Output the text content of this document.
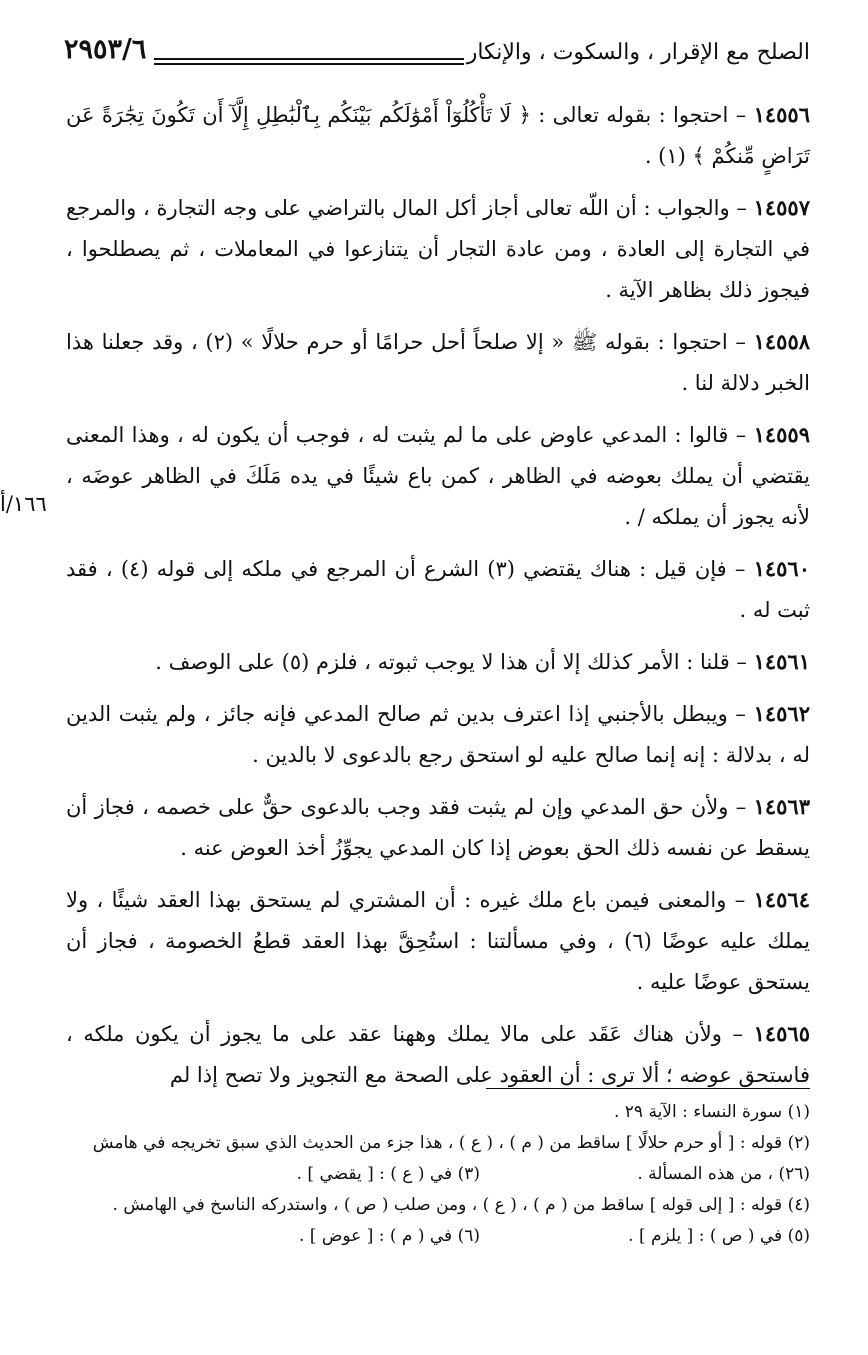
الصلح مع الإقرار ، والسكوت ، والإنكار
٢٩٥٣/٦
١٦٦/أ

١٤٥٥٦ – احتجوا : بقوله تعالى : ﴿ لَا تَأْكُلُوٓاْ أَمْوَٰلَكُم بَيْنَكُم بِٱلْبَٰطِلِ إِلَّآ أَن تَكُونَ تِجَٰرَةً عَن تَرَاضٍ مِّنكُمْ ﴾ (١) .

١٤٥٥٧ – والجواب : أن اللّه تعالى أجاز أكل المال بالتراضي على وجه التجارة ، والمرجع في التجارة إلى العادة ، ومن عادة التجار أن يتنازعوا في المعاملات ، ثم يصطلحوا ، فيجوز ذلك بظاهر الآية .

١٤٥٥٨ – احتجوا : بقوله ﷺ « إلا صلحاً أحل حرامًا أو حرم حلالًا » (٢) ، وقد جعلنا هذا الخبر دلالة لنا .

١٤٥٥٩ – قالوا : المدعي عاوض على ما لم يثبت له ، فوجب أن يكون له ، وهذا المعنى يقتضي أن يملك بعوضه في الظاهر ، كمن باع شيئًا في يده مَلَكَ في الظاهر عوضَه ، لأنه يجوز أن يملكه / .

١٤٥٦٠ – فإن قيل : هناك يقتضي (٣) الشرع أن المرجع في ملكه إلى قوله (٤) ، فقد ثبت له .

١٤٥٦١ – قلنا : الأمر كذلك إلا أن هذا لا يوجب ثبوته ، فلزم (٥) على الوصف .

١٤٥٦٢ – ويبطل بالأجنبي إذا اعترف بدين ثم صالح المدعي فإنه جائز ، ولم يثبت الدين له ، بدلالة : إنه إنما صالح عليه لو استحق رجع بالدعوى لا بالدين .

١٤٥٦٣ – ولأن حق المدعي وإن لم يثبت فقد وجب بالدعوى حقٌّ على خصمه ، فجاز أن يسقط عن نفسه ذلك الحق بعوض إذا كان المدعي يجوِّزُ أخذ العوض عنه .

١٤٥٦٤ – والمعنى فيمن باع ملك غيره : أن المشتري لم يستحق بهذا العقد شيئًا ، ولا يملك عليه عوضًا (٦) ، وفي مسألتنا : استُحِقَّ بهذا العقد قطعُ الخصومة ، فجاز أن يستحق عوضًا عليه .

١٤٥٦٥ – ولأن هناك عَقَد على مالا يملك وههنا عقد على ما يجوز أن يكون ملكه ، فاستحق عوضه ؛ ألا ترى : أن العقود على الصحة مع التجويز ولا تصح إذا لم

(١) سورة النساء : الآية ٢٩ .
(٢) قوله : [ أو حرم حلالًا ] ساقط من ( م ) ، ( ع ) ، هذا جزء من الحديث الذي سبق تخريجه في هامش
(٢٦) ، من هذه المسألة .
(٣) في ( ع ) : [ يقضي ] .
(٤) قوله : [ إلى قوله ] ساقط من ( م ) ، ( ع ) ، ومن صلب ( ص ) ، واستدركه الناسخ في الهامش .
(٥) في ( ص ) : [ يلزم ] .
(٦) في ( م ) : [ عوض ] .
